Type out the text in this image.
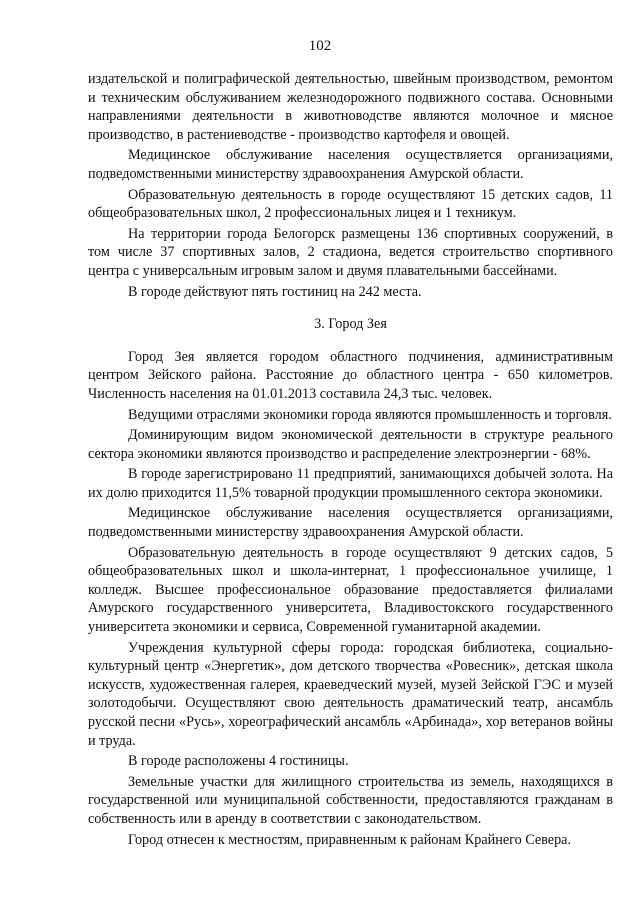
102

издательской и полиграфической деятельностью, швейным производством, ремонтом и техническим обслуживанием железнодорожного подвижного состава. Основными направлениями деятельности в животноводстве являются молочное и мясное производство, в растениеводстве - производство картофеля и овощей.

Медицинское обслуживание населения осуществляется организациями, подведомственными министерству здравоохранения Амурской области.

Образовательную деятельность в городе осуществляют 15 детских садов, 11 общеобразовательных школ, 2 профессиональных лицея и 1 техникум.

На территории города Белогорск размещены 136 спортивных сооружений, в том числе 37 спортивных залов, 2 стадиона, ведется строительство спортивного центра с универсальным игровым залом и двумя плавательными бассейнами.

В городе действуют пять гостиниц на 242 места.

3. Город Зея

Город Зея является городом областного подчинения, административным центром Зейского района. Расстояние до областного центра - 650 километров. Численность населения на 01.01.2013 составила 24,3 тыс. человек.

Ведущими отраслями экономики города являются промышленность и торговля.

Доминирующим видом экономической деятельности в структуре реального сектора экономики являются производство и распределение электроэнергии - 68%.

В городе зарегистрировано 11 предприятий, занимающихся добычей золота. На их долю приходится 11,5% товарной продукции промышленного сектора экономики.

Медицинское обслуживание населения осуществляется организациями, подведомственными министерству здравоохранения Амурской области.

Образовательную деятельность в городе осуществляют 9 детских садов, 5 общеобразовательных школ и школа-интернат, 1 профессиональное училище, 1 колледж. Высшее профессиональное образование предоставляется филиалами Амурского государственного университета, Владивостокского государственного университета экономики и сервиса, Современной гуманитарной академии.

Учреждения культурной сферы города: городская библиотека, социально-культурный центр «Энергетик», дом детского творчества «Ровесник», детская школа искусств, художественная галерея, краеведческий музей, музей Зейской ГЭС и музей золотодобычи. Осуществляют свою деятельность драматический театр, ансамбль русской песни «Русь», хореографический ансамбль «Арбинада», хор ветеранов войны и труда.

В городе расположены 4 гостиницы.

Земельные участки для жилищного строительства из земель, находящихся в государственной или муниципальной собственности, предоставляются гражданам в собственность или в аренду в соответствии с законодательством.

Город отнесен к местностям, приравненным к районам Крайнего Севера.
